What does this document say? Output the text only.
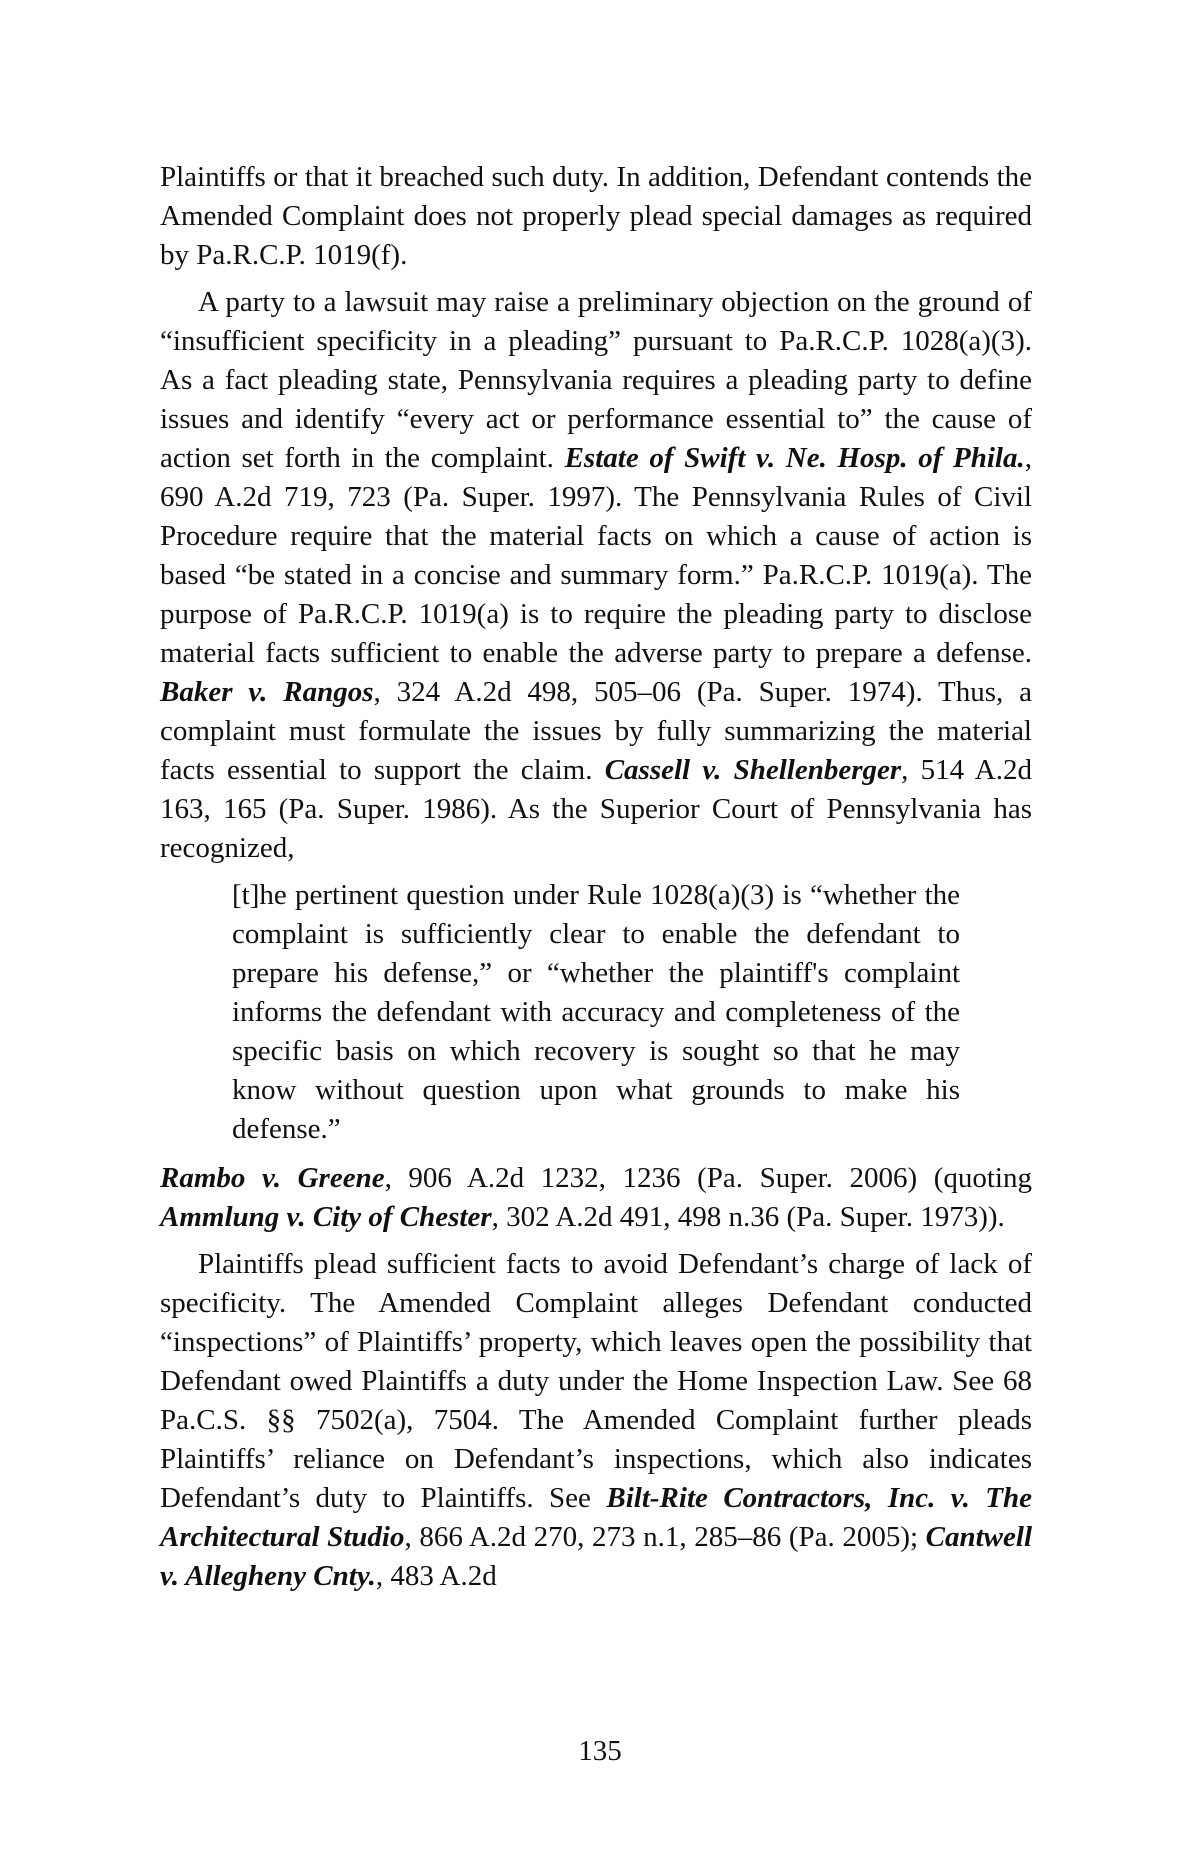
Plaintiffs or that it breached such duty. In addition, Defendant contends the Amended Complaint does not properly plead special damages as required by Pa.R.C.P. 1019(f).

A party to a lawsuit may raise a preliminary objection on the ground of “insufficient specificity in a pleading” pursuant to Pa.R.C.P. 1028(a)(3). As a fact pleading state, Pennsylvania requires a pleading party to define issues and identify “every act or performance essential to” the cause of action set forth in the complaint. Estate of Swift v. Ne. Hosp. of Phila., 690 A.2d 719, 723 (Pa. Super. 1997). The Pennsylvania Rules of Civil Procedure require that the material facts on which a cause of action is based “be stated in a concise and summary form.” Pa.R.C.P. 1019(a). The purpose of Pa.R.C.P. 1019(a) is to require the pleading party to disclose material facts sufficient to enable the adverse party to prepare a defense. Baker v. Rangos, 324 A.2d 498, 505–06 (Pa. Super. 1974). Thus, a complaint must formulate the issues by fully summarizing the material facts essential to support the claim. Cassell v. Shellenberger, 514 A.2d 163, 165 (Pa. Super. 1986). As the Superior Court of Pennsylvania has recognized,

[t]he pertinent question under Rule 1028(a)(3) is “whether the complaint is sufficiently clear to enable the defendant to prepare his defense,” or “whether the plaintiff's complaint informs the defendant with accuracy and completeness of the specific basis on which recovery is sought so that he may know without question upon what grounds to make his defense.”

Rambo v. Greene, 906 A.2d 1232, 1236 (Pa. Super. 2006) (quoting Ammlung v. City of Chester, 302 A.2d 491, 498 n.36 (Pa. Super. 1973)).

Plaintiffs plead sufficient facts to avoid Defendant’s charge of lack of specificity. The Amended Complaint alleges Defendant conducted “inspections” of Plaintiffs’ property, which leaves open the possibility that Defendant owed Plaintiffs a duty under the Home Inspection Law. See 68 Pa.C.S. §§ 7502(a), 7504. The Amended Complaint further pleads Plaintiffs’ reliance on Defendant’s inspections, which also indicates Defendant’s duty to Plaintiffs. See Bilt-Rite Contractors, Inc. v. The Architectural Studio, 866 A.2d 270, 273 n.1, 285–86 (Pa. 2005); Cantwell v. Allegheny Cnty., 483 A.2d

135
